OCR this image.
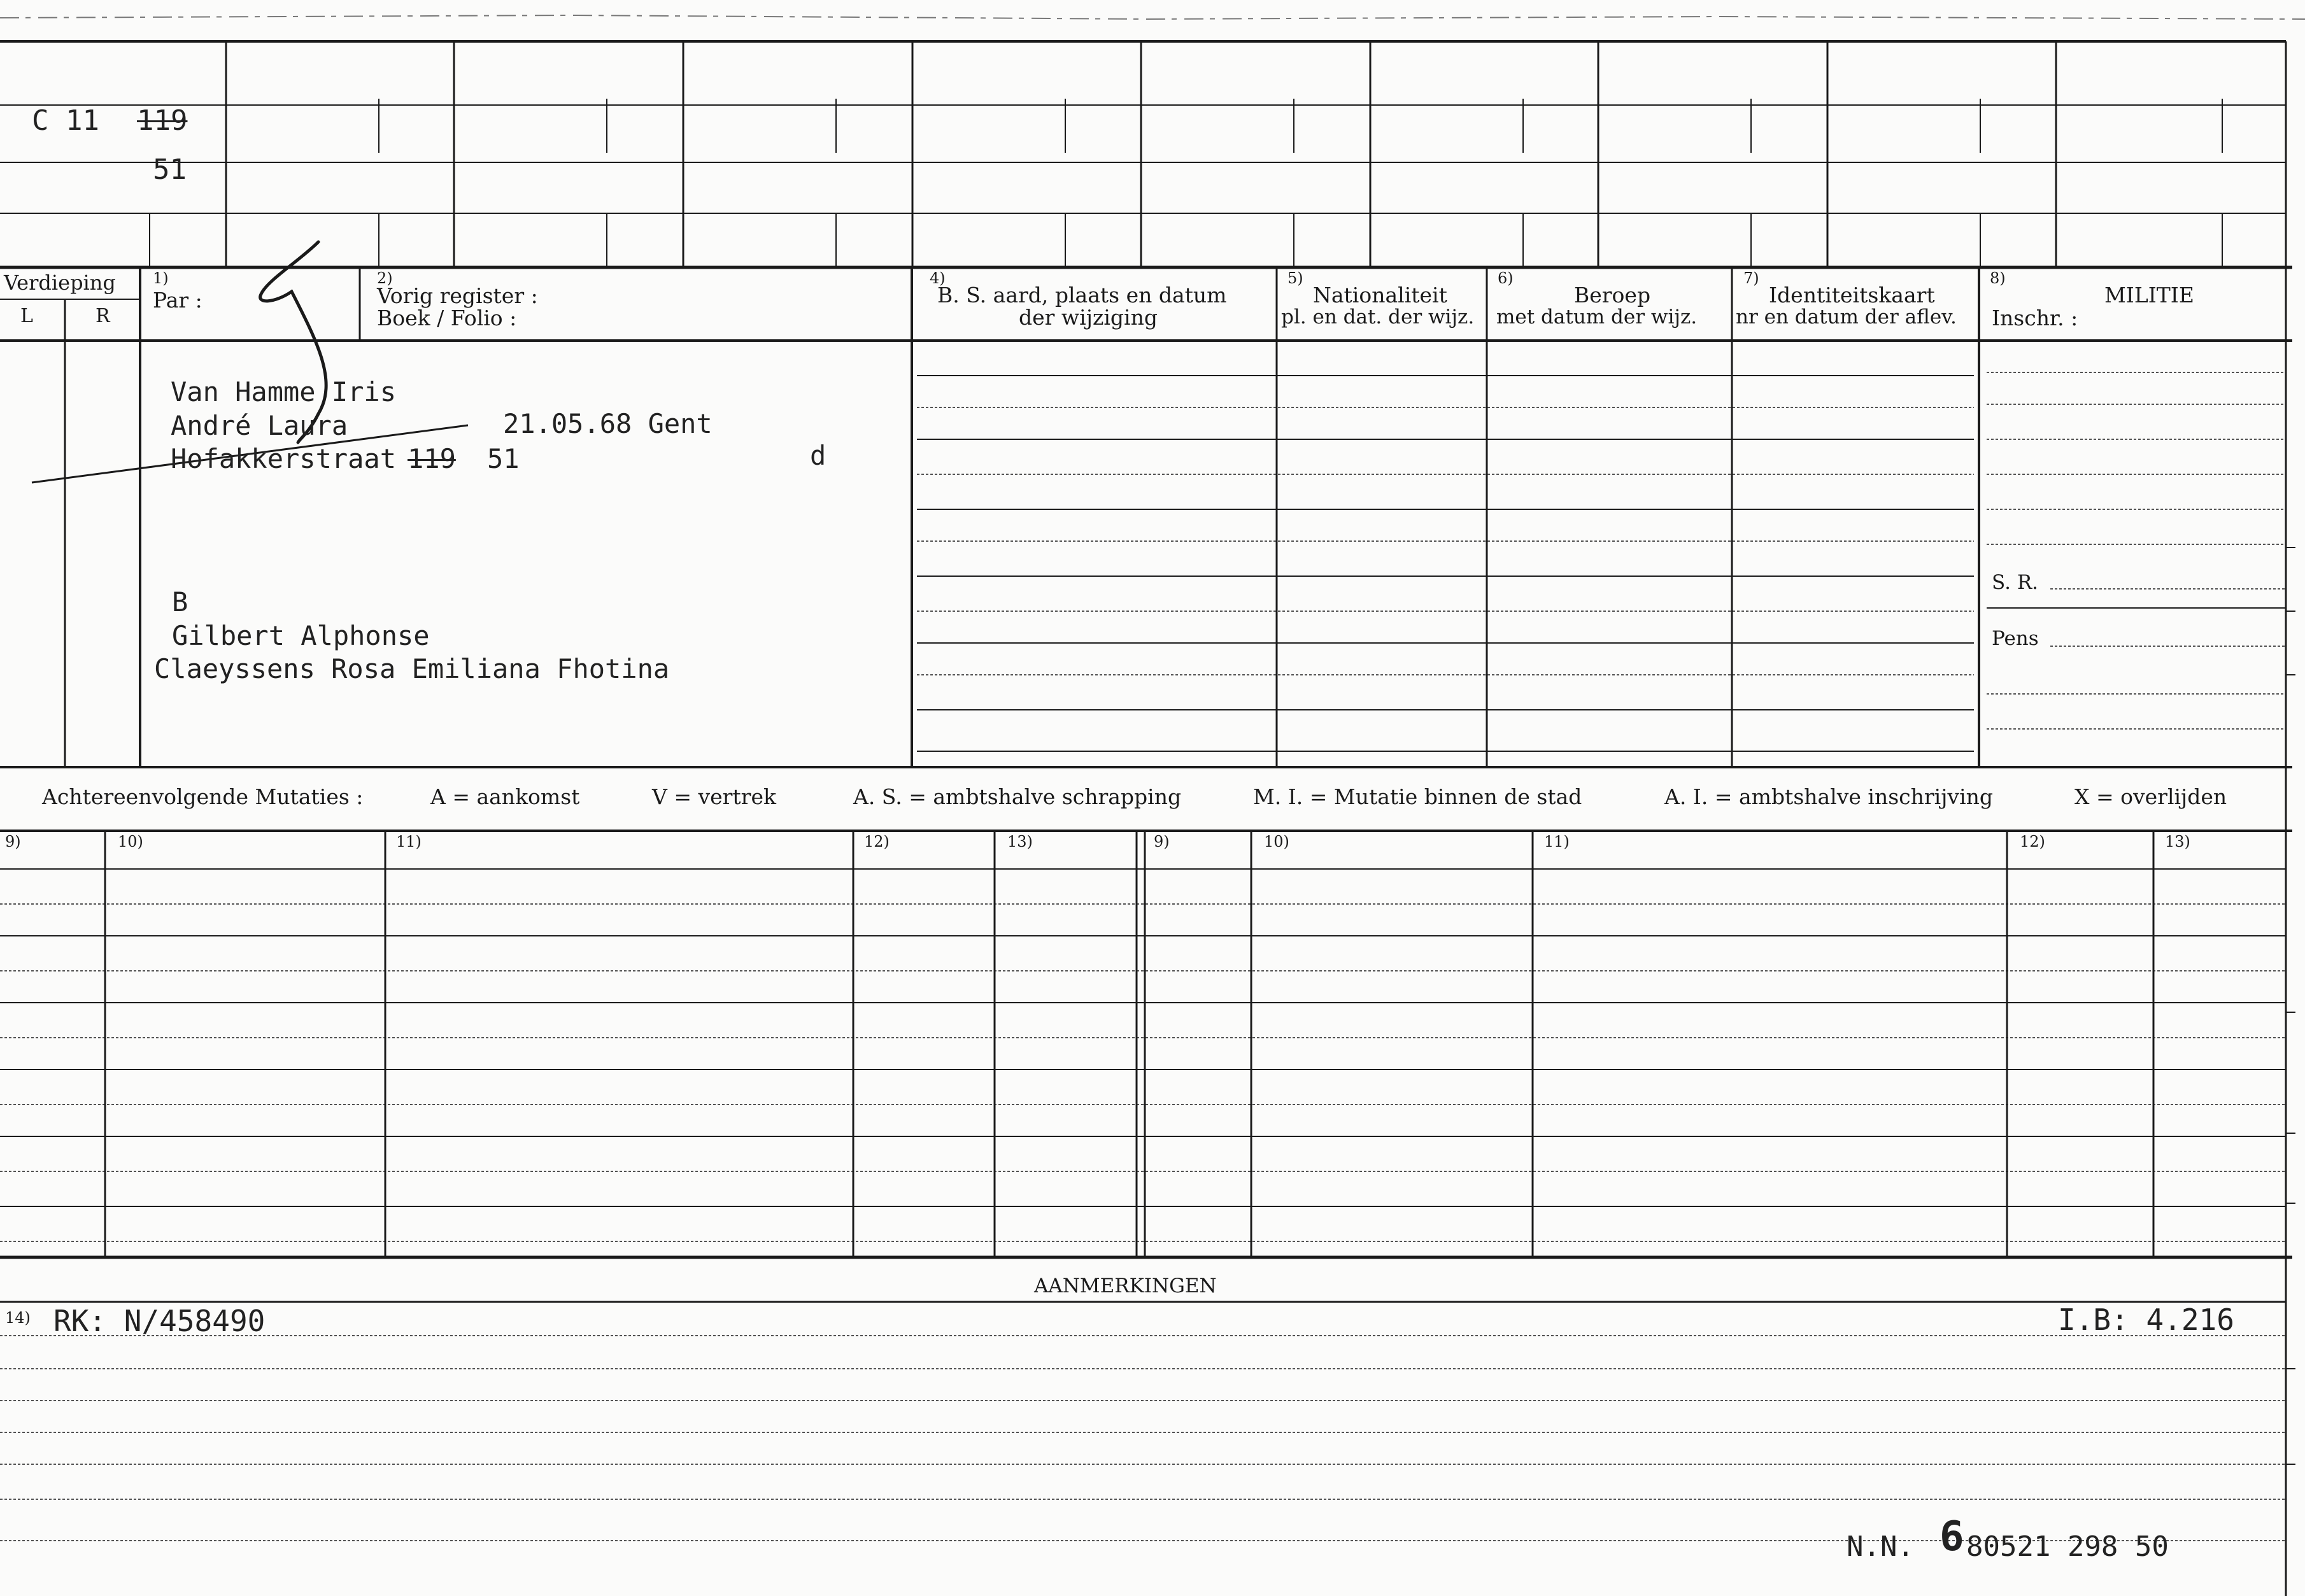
C 11 119
51
Verdieping
L	R
1)
Par :
2)
Vorig register :
Boek / Folio :
4)
B. S. aard, plaats en datum
der wijziging
5)
Nationaliteit
pl. en dat. der wijz.
6)
Beroep
met datum der wijz.
7)
Identiteitskaart
nr en datum der aflev.
8)
MILITIE
Inschr. :
S. R.
Pens
Van Hamme Iris
André Laura	21.05.68 Gent
Hofakkerstraat 119 51	d
B
Gilbert Alphonse
Claeyssens Rosa Emiliana Fhotina
Achtereenvolgende Mutaties :	A = aankomst	V = vertrek	A. S. = ambtshalve schrapping	M. I. = Mutatie binnen de stad	A. I. = ambtshalve inschrijving	X = overlijden
9)	10)	11)	12)	13)	9)	10)	11)	12)	13)
AANMERKINGEN
14) RK: N/458490	I.B: 4.216
N.N. 6 80521 298 50
